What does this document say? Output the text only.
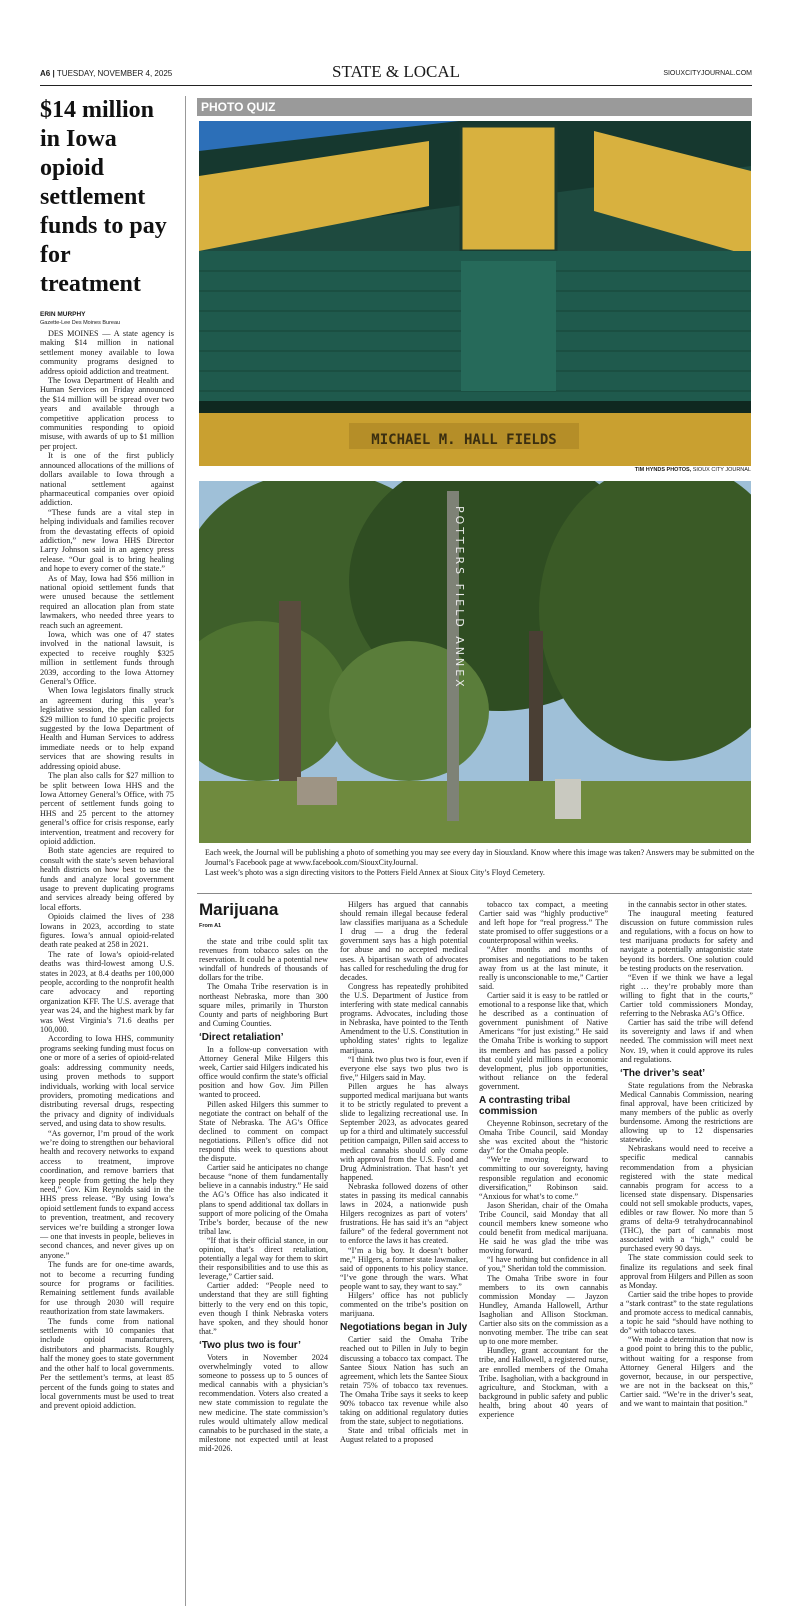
A6 | TUESDAY, NOVEMBER 4, 2025	STATE & LOCAL	SIOUXCITYJOURNAL.COM
$14 million in Iowa opioid settlement funds to pay for treatment

ERIN MURPHY

Gazette-Lee Des Moines Bureau

DES MOINES — A state agency is making $14 million in national settlement money available to Iowa community programs designed to address opioid addiction and treatment.

The Iowa Department of Health and Human Services on Friday announced the $14 million will be spread over two years and available through a competitive application process to communities responding to opioid misuse, with awards of up to $1 million per project.

It is one of the first publicly announced allocations of the millions of dollars available to Iowa through a national settlement against pharmaceutical companies over opioid addiction.

“These funds are a vital step in helping individuals and families recover from the devastating effects of opioid addiction,” new Iowa HHS Director Larry Johnson said in an agency press release. “Our goal is to bring healing and hope to every corner of the state.”

As of May, Iowa had $56 million in national opioid settlement funds that were unused because the settlement required an allocation plan from state lawmakers, who needed three years to reach such an agreement.

Iowa, which was one of 47 states involved in the national lawsuit, is expected to receive roughly $325 million in settlement funds through 2039, according to the Iowa Attorney General’s Office.

When Iowa legislators finally struck an agreement during this year’s legislative session, the plan called for $29 million to fund 10 specific projects suggested by the Iowa Department of Health and Human Services to address immediate needs or to help expand services that are showing results in addressing opioid abuse.

The plan also calls for $27 million to be split between Iowa HHS and the Iowa Attorney General’s Office, with 75 percent of settlement funds going to HHS and 25 percent to the attorney general’s office for crisis response, early intervention, treatment and recovery for opioid addiction.

Both state agencies are required to consult with the state’s seven behavioral health districts on how best to use the funds and analyze local government usage to prevent duplicating programs and services already being offered by local efforts.

Opioids claimed the lives of 238 Iowans in 2023, according to state figures. Iowa’s annual opioid-related death rate peaked at 258 in 2021.

The rate of Iowa’s opioid-related deaths was third-lowest among U.S. states in 2023, at 8.4 deaths per 100,000 people, according to the nonprofit health care advocacy and reporting organization KFF. The U.S. average that year was 24, and the highest mark by far was West Virginia’s 71.6 deaths per 100,000.

According to Iowa HHS, community programs seeking funding must focus on one or more of a series of opioid-related goals: addressing community needs, using proven methods to support individuals, working with local service providers, promoting medications and distributing reversal drugs, respecting the privacy and dignity of individuals served, and using data to show results.

“As governor, I’m proud of the work we’re doing to strengthen our behavioral health and recovery networks to expand access to treatment, improve coordination, and remove barriers that keep people from getting the help they need,” Gov. Kim Reynolds said in the HHS press release. “By using Iowa’s opioid settlement funds to expand access to prevention, treatment, and recovery services we’re building a stronger Iowa — one that invests in people, believes in second chances, and never gives up on anyone.”

The funds are for one-time awards, not to become a recurring funding source for programs or facilities. Remaining settlement funds available for use through 2030 will require reauthorization from state lawmakers.

The funds come from national settlements with 10 companies that include opioid manufacturers, distributors and pharmacists. Roughly half the money goes to state government and the other half to local governments. Per the settlement’s terms, at least 85 percent of the funds going to states and local governments must be used to treat and prevent opioid addiction.

PHOTO QUIZ
MICHAEL M. HALL FIELDS
TIM HYNDS PHOTOS, SIOUX CITY JOURNAL
POTTERS FIELD ANNEX

Each week, the Journal will be publishing a photo of something you may see every day in Siouxland. Know where this image was taken? Answers may be submitted on the Journal’s Facebook page at www.facebook.com/SiouxCityJournal.

Last week’s photo was a sign directing visitors to the Potters Field Annex at Sioux City’s Floyd Cemetery.

Marijuana
From A1

the state and tribe could split tax revenues from tobacco sales on the reservation. It could be a potential new windfall of hundreds of thousands of dollars for the tribe.

The Omaha Tribe reservation is in northeast Nebraska, more than 300 square miles, primarily in Thurston County and parts of neighboring Burt and Cuming Counties.

‘Direct retaliation’

In a follow-up conversation with Attorney General Mike Hilgers this week, Cartier said Hilgers indicated his office would confirm the state’s official position and how Gov. Jim Pillen wanted to proceed.

Pillen asked Hilgers this summer to negotiate the contract on behalf of the State of Nebraska. The AG’s Office declined to comment on compact negotiations. Pillen’s office did not respond this week to questions about the dispute.

Cartier said he anticipates no change because “none of them fundamentally believe in a cannabis industry.” He said the AG’s Office has also indicated it plans to spend additional tax dollars in support of more policing of the Omaha Tribe’s border, because of the new tribal law.

“If that is their official stance, in our opinion, that’s direct retaliation, potentially a legal way for them to skirt their responsibilities and to use this as leverage,” Cartier said.

Cartier added: “People need to understand that they are still fighting bitterly to the very end on this topic, even though I think Nebraska voters have spoken, and they should honor that.”

‘Two plus two is four’

Voters in November 2024 overwhelmingly voted to allow someone to possess up to 5 ounces of medical cannabis with a physician’s recommendation. Voters also created a new state commission to regulate the new medicine. The state commission’s rules would ultimately allow medical cannabis to be purchased in the state, a milestone not expected until at least mid-2026.

Hilgers has argued that cannabis should remain illegal because federal law classifies marijuana as a Schedule I drug — a drug the federal government says has a high potential for abuse and no accepted medical uses. A bipartisan swath of advocates has called for rescheduling the drug for decades.

Congress has repeatedly prohibited the U.S. Department of Justice from interfering with state medical cannabis programs. Advocates, including those in Nebraska, have pointed to the Tenth Amendment to the U.S. Constitution in upholding states’ rights to legalize marijuana.

“I think two plus two is four, even if everyone else says two plus two is five,” Hilgers said in May.

Pillen argues he has always supported medical marijuana but wants it to be strictly regulated to prevent a slide to legalizing recreational use. In September 2023, as advocates geared up for a third and ultimately successful petition campaign, Pillen said access to medical cannabis should only come with approval from the U.S. Food and Drug Administration. That hasn’t yet happened.

Nebraska followed dozens of other states in passing its medical cannabis laws in 2024, a nationwide push Hilgers recognizes as part of voters’ frustrations. He has said it’s an “abject failure” of the federal government not to enforce the laws it has created.

“I’m a big boy. It doesn’t bother me,” Hilgers, a former state lawmaker, said of opponents to his policy stance. “I’ve gone through the wars. What people want to say, they want to say.”

Hilgers’ office has not publicly commented on the tribe’s position on marijuana.

Negotiations began in July

Cartier said the Omaha Tribe reached out to Pillen in July to begin discussing a tobacco tax compact. The Santee Sioux Nation has such an agreement, which lets the Santee Sioux retain 75% of tobacco tax revenues. The Omaha Tribe says it seeks to keep 90% tobacco tax revenue while also taking on additional regulatory duties from the state, subject to negotiations.

State and tribal officials met in August related to a proposed

tobacco tax compact, a meeting Cartier said was “highly productive” and left hope for “real progress.” The state promised to offer suggestions or a counterproposal within weeks.

“After months and months of promises and negotiations to be taken away from us at the last minute, it really is unconscionable to me,” Cartier said.

Cartier said it is easy to be rattled or emotional to a response like that, which he described as a continuation of government punishment of Native Americans “for just existing.” He said the Omaha Tribe is working to support its members and has passed a policy that could yield millions in economic development, plus job opportunities, without reliance on the federal government.

A contrasting tribal commission

Cheyenne Robinson, secretary of the Omaha Tribe Council, said Monday she was excited about the “historic day” for the Omaha people.

“We’re moving forward to committing to our sovereignty, having responsible regulation and economic diversification,” Robinson said. “Anxious for what’s to come.”

Jason Sheridan, chair of the Omaha Tribe Council, said Monday that all council members knew someone who could benefit from medical marijuana. He said he was glad the tribe was moving forward.

“I have nothing but confidence in all of you,” Sheridan told the commission.

The Omaha Tribe swore in four members to its own cannabis commission Monday — Jayzon Hundley, Amanda Hallowell, Arthur Isagholian and Allison Stockman. Cartier also sits on the commission as a nonvoting member. The tribe can seat up to one more member.

Hundley, grant accountant for the tribe, and Hallowell, a registered nurse, are enrolled members of the Omaha Tribe. Isagholian, with a background in agriculture, and Stockman, with a background in public safety and public health, bring about 40 years of experience

in the cannabis sector in other states.

The inaugural meeting featured discussion on future commission rules and regulations, with a focus on how to test marijuana products for safety and navigate a potentially antagonistic state beyond its borders. One solution could be testing products on the reservation.

“Even if we think we have a legal right … they’re probably more than willing to fight that in the courts,” Cartier told commissioners Monday, referring to the Nebraska AG’s Office.

Cartier has said the tribe will defend its sovereignty and laws if and when needed. The commission will meet next Nov. 19, when it could approve its rules and regulations.

‘The driver’s seat’

State regulations from the Nebraska Medical Cannabis Commission, nearing final approval, have been criticized by many members of the public as overly burdensome. Among the restrictions are allowing up to 12 dispensaries statewide.

Nebraskans would need to receive a specific medical cannabis recommendation from a physician registered with the state medical cannabis program for access to a licensed state dispensary. Dispensaries could not sell smokable products, vapes, edibles or raw flower. No more than 5 grams of delta-9 tetrahydrocannabinol (THC), the part of cannabis most associated with a “high,” could be purchased every 90 days.

The state commission could seek to finalize its regulations and seek final approval from Hilgers and Pillen as soon as Monday.

Cartier said the tribe hopes to provide a “stark contrast” to the state regulations and promote access to medical cannabis, a topic he said “should have nothing to do” with tobacco taxes.

“We made a determination that now is a good point to bring this to the public, without waiting for a response from Attorney General Hilgers and the governor, because, in our perspective, we are not in the backseat on this,” Cartier said. “We’re in the driver’s seat, and we want to maintain that position.”
